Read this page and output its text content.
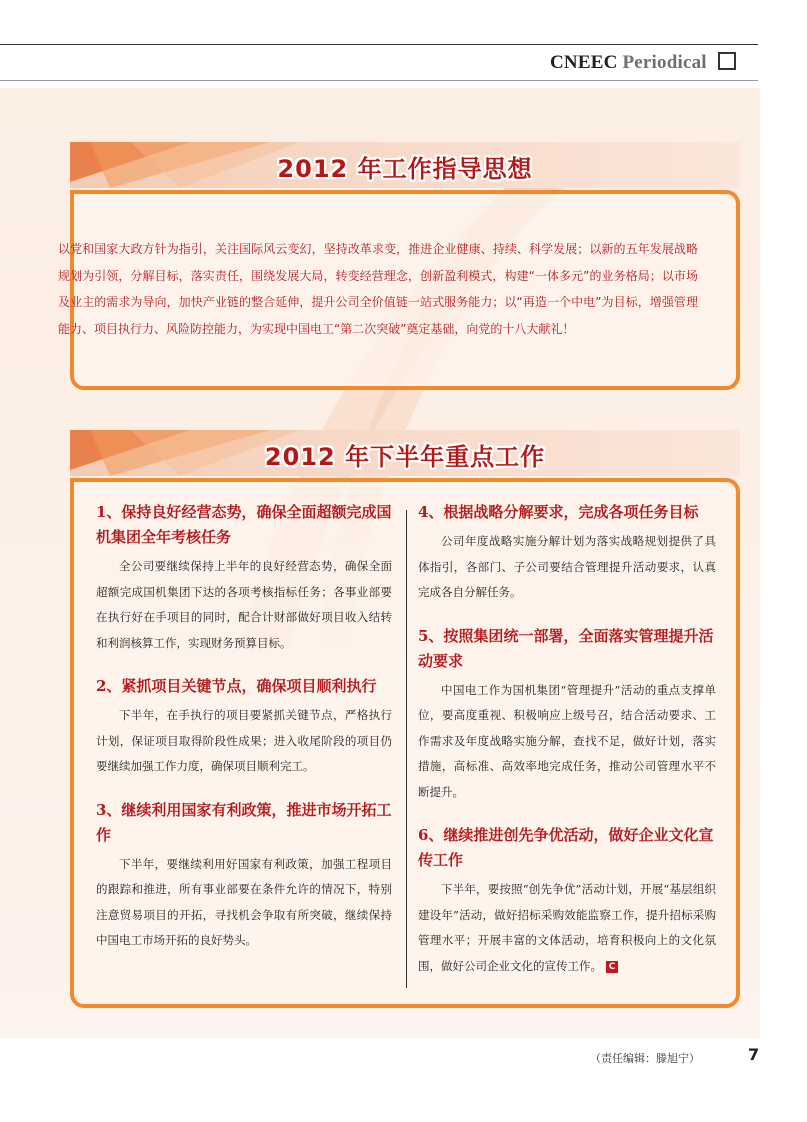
CNEEC Periodical
2012 年工作指导思想
以党和国家大政方针为指引，关注国际风云变幻，坚持改革求变，推进企业健康、持续、科学发展；以新的五年发展战略规划为引领，分解目标，落实责任，围绕发展大局，转变经营理念，创新盈利模式，构建“一体多元”的业务格局；以市场及业主的需求为导向，加快产业链的整合延伸，提升公司全价值链一站式服务能力；以“再造一个中电”为目标，增强管理能力、项目执行力、风险防控能力，为实现中国电工“第二次突破”奠定基础，向党的十八大献礼！
2012 年下半年重点工作
1、保持良好经营态势，确保全面超额完成国机集团全年考核任务
全公司要继续保持上半年的良好经营态势，确保全面超额完成国机集团下达的各项考核指标任务；各事业部要在执行好在手项目的同时，配合计财部做好项目收入结转和利润核算工作，实现财务预算目标。
2、紧抓项目关键节点，确保项目顺利执行
下半年，在手执行的项目要紧抓关键节点，严格执行计划，保证项目取得阶段性成果；进入收尾阶段的项目仍要继续加强工作力度，确保项目顺利完工。
3、继续利用国家有利政策，推进市场开拓工作
下半年，要继续利用好国家有利政策，加强工程项目的跟踪和推进，所有事业部要在条件允许的情况下，特别注意贸易项目的开拓，寻找机会争取有所突破，继续保持中国电工市场开拓的良好势头。
4、根据战略分解要求，完成各项任务目标
公司年度战略实施分解计划为落实战略规划提供了具体指引，各部门、子公司要结合管理提升活动要求，认真完成各自分解任务。
5、按照集团统一部署，全面落实管理提升活动要求
中国电工作为国机集团“管理提升”活动的重点支撑单位，要高度重视、积极响应上级号召，结合活动要求、工作需求及年度战略实施分解，查找不足，做好计划，落实措施，高标准、高效率地完成任务，推动公司管理水平不断提升。
6、继续推进创先争优活动，做好企业文化宣传工作
下半年，要按照“创先争优”活动计划，开展“基层组织建设年”活动，做好招标采购效能监察工作，提升招标采购管理水平；开展丰富的文体活动，培育积极向上的文化氛围，做好公司企业文化的宣传工作。 C
（责任编辑：滕旭宁）	7
